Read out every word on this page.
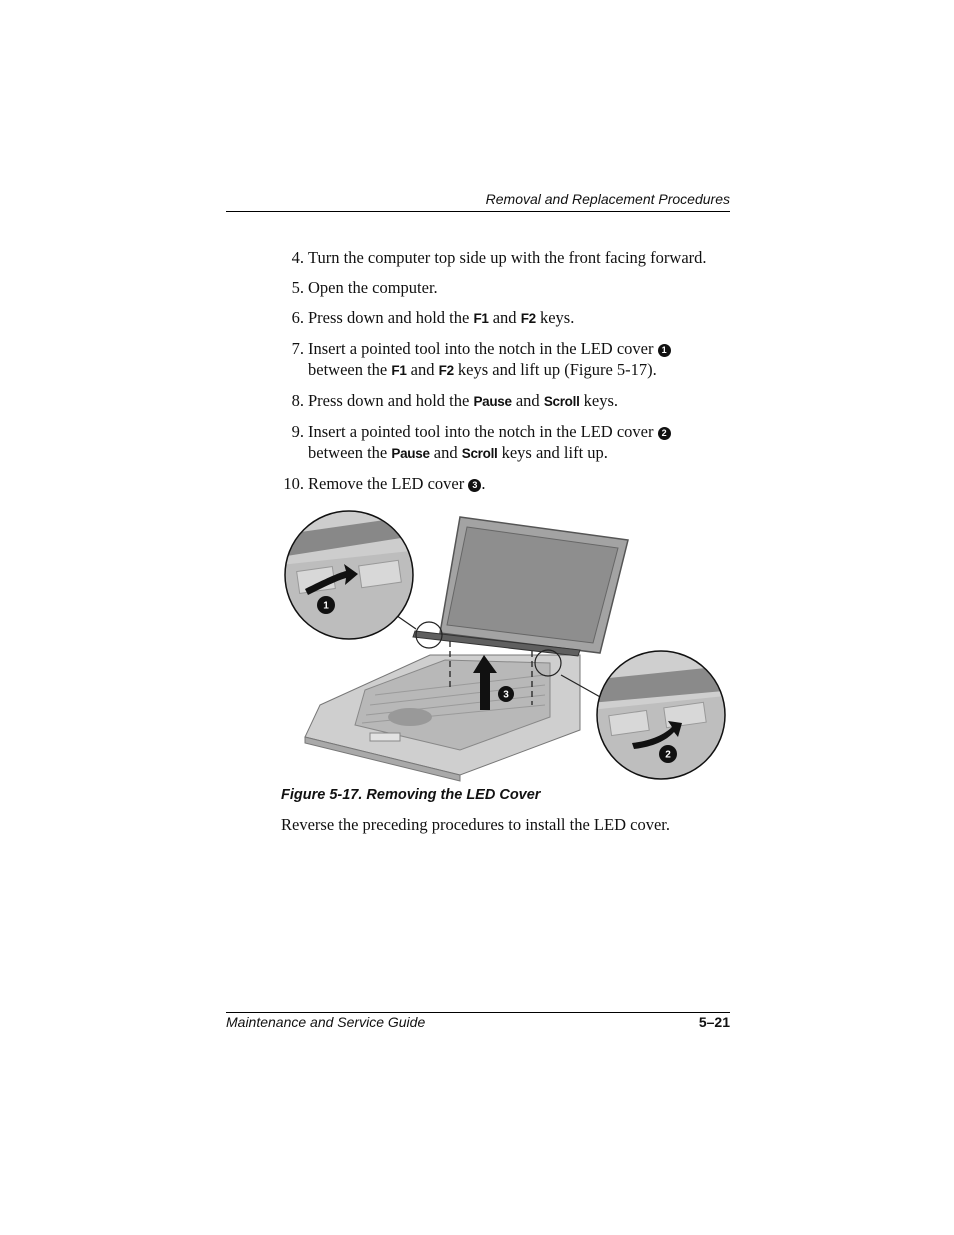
Removal and Replacement Procedures
4. Turn the computer top side up with the front facing forward.
5. Open the computer.
6. Press down and hold the F1 and F2 keys.
7. Insert a pointed tool into the notch in the LED cover 1
between the F1 and F2 keys and lift up (Figure 5-17).
8. Press down and hold the Pause and Scroll keys.
9. Insert a pointed tool into the notch in the LED cover 2
between the Pause and Scroll keys and lift up.
10. Remove the LED cover 3 .
3
1
2
Figure 5-17. Removing the LED Cover
Reverse the preceding procedures to install the LED cover.
Maintenance and Service Guide	5–21
